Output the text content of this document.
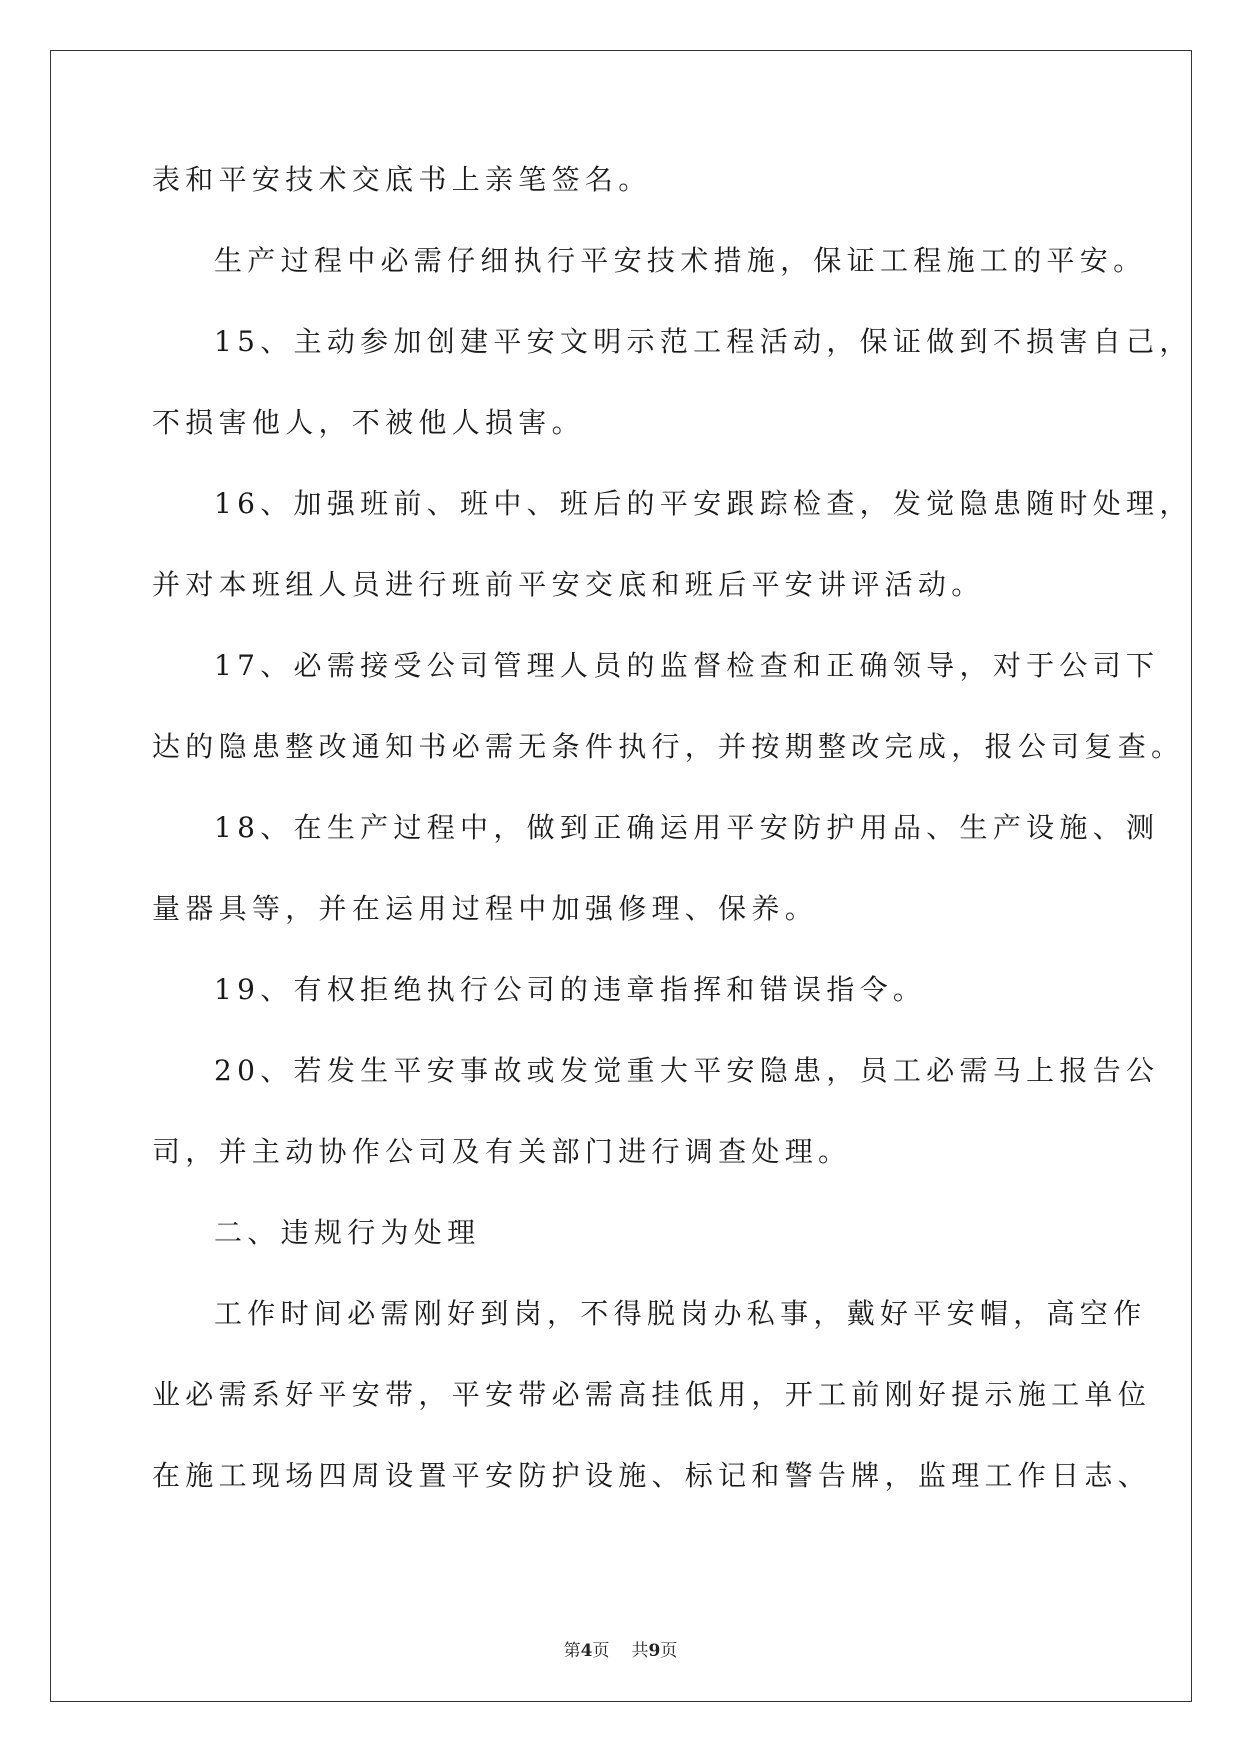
表和平安技术交底书上亲笔签名。
生产过程中必需仔细执行平安技术措施，保证工程施工的平安。
15、主动参加创建平安文明示范工程活动，保证做到不损害自己，
不损害他人，不被他人损害。
16、加强班前、班中、班后的平安跟踪检查，发觉隐患随时处理，
并对本班组人员进行班前平安交底和班后平安讲评活动。
17、必需接受公司管理人员的监督检查和正确领导，对于公司下
达的隐患整改通知书必需无条件执行，并按期整改完成，报公司复查。
18、在生产过程中，做到正确运用平安防护用品、生产设施、测
量器具等，并在运用过程中加强修理、保养。
19、有权拒绝执行公司的违章指挥和错误指令。
20、若发生平安事故或发觉重大平安隐患，员工必需马上报告公
司，并主动协作公司及有关部门进行调查处理。
二、违规行为处理
工作时间必需刚好到岗，不得脱岗办私事，戴好平安帽，高空作
业必需系好平安带，平安带必需高挂低用，开工前刚好提示施工单位
在施工现场四周设置平安防护设施、标记和警告牌，监理工作日志、
第4页 共9页
